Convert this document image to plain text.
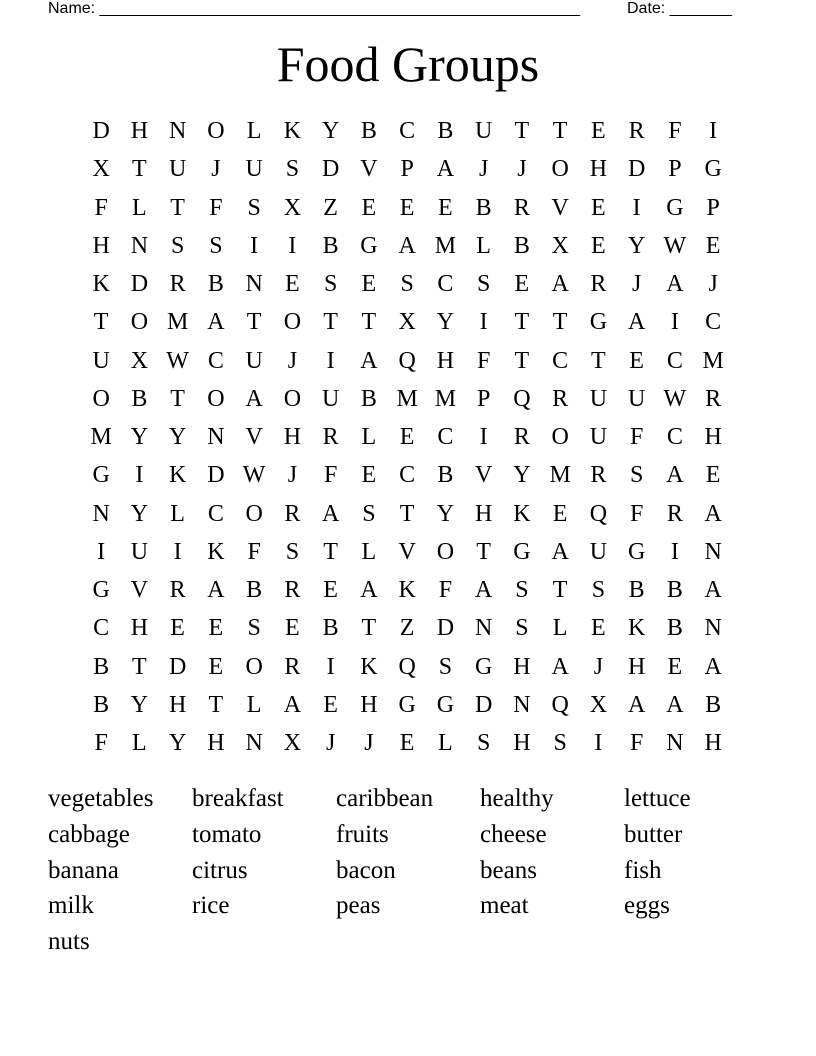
Name: ______________________________________________________	Date: _______
Food Groups
D H N O L K Y B C B U T T E R F	I
X T U	J	U S D V P A	J	J	O H D P G
F	L T	F	S X Z E E E B R V E	I	G P
H N S	S	I	I	B G A M L B X E Y W E
K D R B N E	S	E	S C S	E A R	J	A	J
T O M A T O T T X Y	I	T T G A	I	C
U X W C U	J	I	A Q H F	T C T E C M
O B T O A O U B M M P Q R U U W R
M Y Y N V H R L E C	I	R O U F C H
G	I	K D W J	F	E C B V Y M R S A E
N Y L C O R A S	T Y H K E Q F R A
I	U	I	K F	S	T L V O T G A U G	I	N
G V R A B R E A K F A S	T	S B B A
C H E E	S	E B T Z D N S	L E K B N
B T D E O R	I	K Q S G H A	J	H E A
B Y H T L A E H G G D N Q X A A B
F	L Y H N X	J	J	E L	S H S	I	F N H
vegetables	breakfast	caribbean	healthy	lettuce
cabbage	tomato	fruits	cheese	butter
banana	citrus	bacon	beans	fish
milk	rice	peas	meat	eggs
nuts
